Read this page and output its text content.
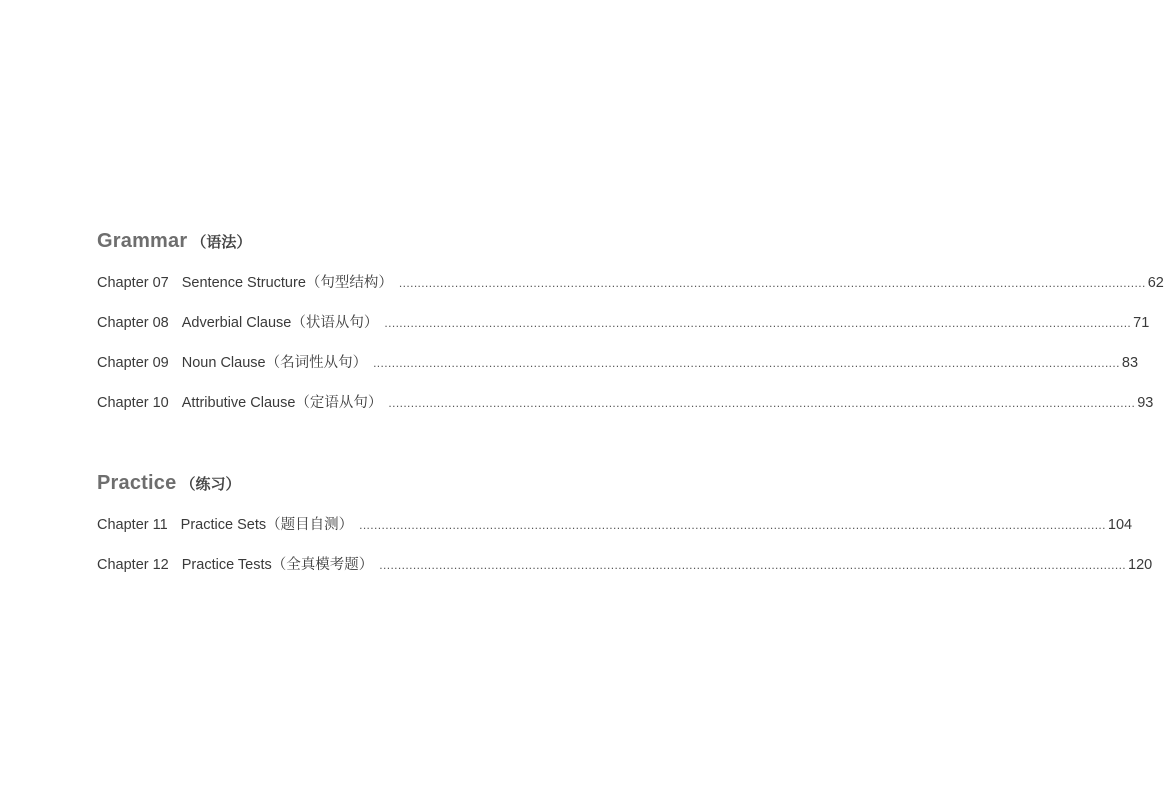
Grammar （语法）
Chapter 07 Sentence Structure（句型结构） ........................................................................................................................................................................................................ 62
Chapter 08 Adverbial Clause（状语从句） ........................................................................................................................................................................................................ 71
Chapter 09 Noun Clause（名词性从句） ........................................................................................................................................................................................................ 83
Chapter 10 Attributive Clause（定语从句） ........................................................................................................................................................................................................ 93
Practice （练习）
Chapter 11 Practice Sets（题目自测） ........................................................................................................................................................................................................ 104
Chapter 12 Practice Tests（全真模考题） ........................................................................................................................................................................................................ 120
